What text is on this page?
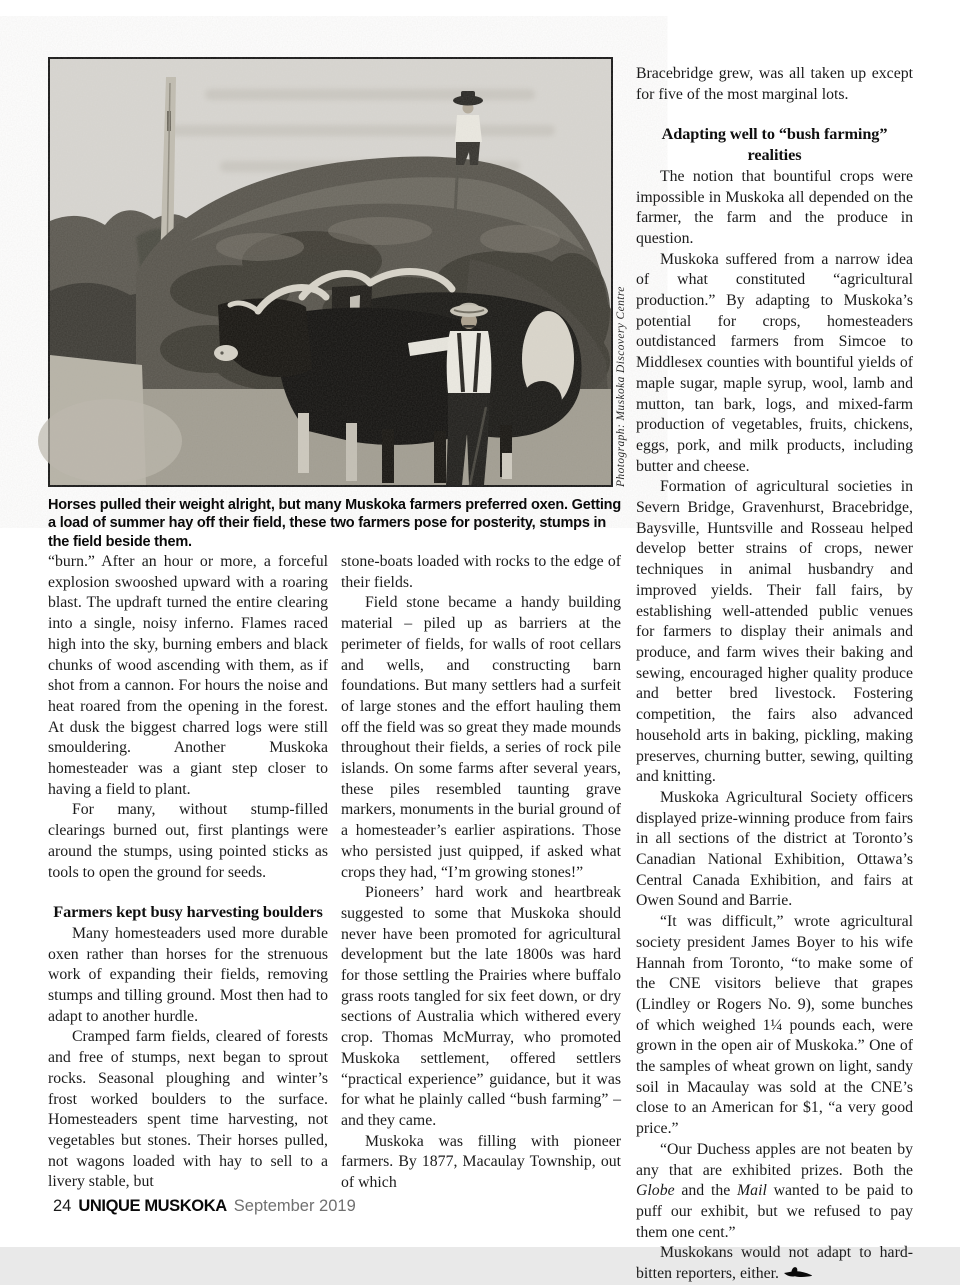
Photograph: Muskoka Discovery Centre
Horses pulled their weight alright, but many Muskoka farmers preferred oxen. Getting a load of summer hay off their field, these two farmers pose for posterity, stumps in the field beside them.

“burn.” After an hour or more, a forceful explosion swooshed upward with a roaring blast. The updraft turned the entire clearing into a single, noisy inferno. Flames raced high into the sky, burning embers and black chunks of wood ascending with them, as if shot from a cannon. For hours the noise and heat roared from the opening in the forest. At dusk the biggest charred logs were still smouldering. Another Muskoka homesteader was a giant step closer to having a field to plant.

For many, without stump-filled clearings burned out, first plantings were around the stumps, using pointed sticks as tools to open the ground for seeds.

Farmers kept busy harvesting boulders

Many homesteaders used more durable oxen rather than horses for the strenuous work of expanding their fields, removing stumps and tilling ground. Most then had to adapt to another hurdle.

Cramped farm fields, cleared of forests and free of stumps, next began to sprout rocks. Seasonal ploughing and winter’s frost worked boulders to the surface. Homesteaders spent time harvesting, not vegetables but stones. Their horses pulled, not wagons loaded with hay to sell to a livery stable, but

stone-boats loaded with rocks to the edge of their fields.

Field stone became a handy building material – piled up as barriers at the perimeter of fields, for walls of root cellars and wells, and constructing barn foundations. But many settlers had a surfeit of large stones and the effort hauling them off the field was so great they made mounds throughout their fields, a series of rock pile islands. On some farms after several years, these piles resembled taunting grave markers, monuments in the burial ground of a homesteader’s earlier aspirations. Those who persisted just quipped, if asked what crops they had, “I’m growing stones!”

Pioneers’ hard work and heartbreak suggested to some that Muskoka should never have been promoted for agricultural development but the late 1800s was hard for those settling the Prairies where buffalo grass roots tangled for six feet down, or dry sections of Australia which withered every crop. Thomas McMurray, who promoted Muskoka settlement, offered settlers “practical experience” guidance, but it was for what he plainly called “bush farming” – and they came.

Muskoka was filling with pioneer farmers. By 1877, Macaulay Township, out of which

Bracebridge grew, was all taken up except for five of the most marginal lots.

Adapting well to “bush farming” realities

The notion that bountiful crops were impossible in Muskoka all depended on the farmer, the farm and the produce in question.

Muskoka suffered from a narrow idea of what constituted “agricultural production.” By adapting to Muskoka’s potential for crops, homesteaders outdistanced farmers from Simcoe to Middlesex counties with bountiful yields of maple sugar, maple syrup, wool, lamb and mutton, tan bark, logs, and mixed-farm production of vegetables, fruits, chickens, eggs, pork, and milk products, including butter and cheese.

Formation of agricultural societies in Severn Bridge, Gravenhurst, Bracebridge, Baysville, Huntsville and Rosseau helped develop better strains of crops, newer techniques in animal husbandry and improved yields. Their fall fairs, by establishing well-attended public venues for farmers to display their animals and produce, and farm wives their baking and sewing, encouraged higher quality produce and better bred livestock. Fostering competition, the fairs also advanced household arts in baking, pickling, making preserves, churning butter, sewing, quilting and knitting.

Muskoka Agricultural Society officers displayed prize-winning produce from fairs in all sections of the district at Toronto’s Canadian National Exhibition, Ottawa’s Central Canada Exhibition, and fairs at Owen Sound and Barrie.

“It was difficult,” wrote agricultural society president James Boyer to his wife Hannah from Toronto, “to make some of the CNE visitors believe that grapes (Lindley or Rogers No. 9), some bunches of which weighed 1¼ pounds each, were grown in the open air of Muskoka.” One of the samples of wheat grown on light, sandy soil in Macaulay was sold at the CNE’s close to an American for $1, “a very good price.”

“Our Duchess apples are not beaten by any that are exhibited prizes. Both the Globe and the Mail wanted to be paid to puff our exhibit, but we refused to pay them one cent.”

Muskokans would not adapt to hard-bitten reporters, either.

24 UNIQUE MUSKOKA September 2019
